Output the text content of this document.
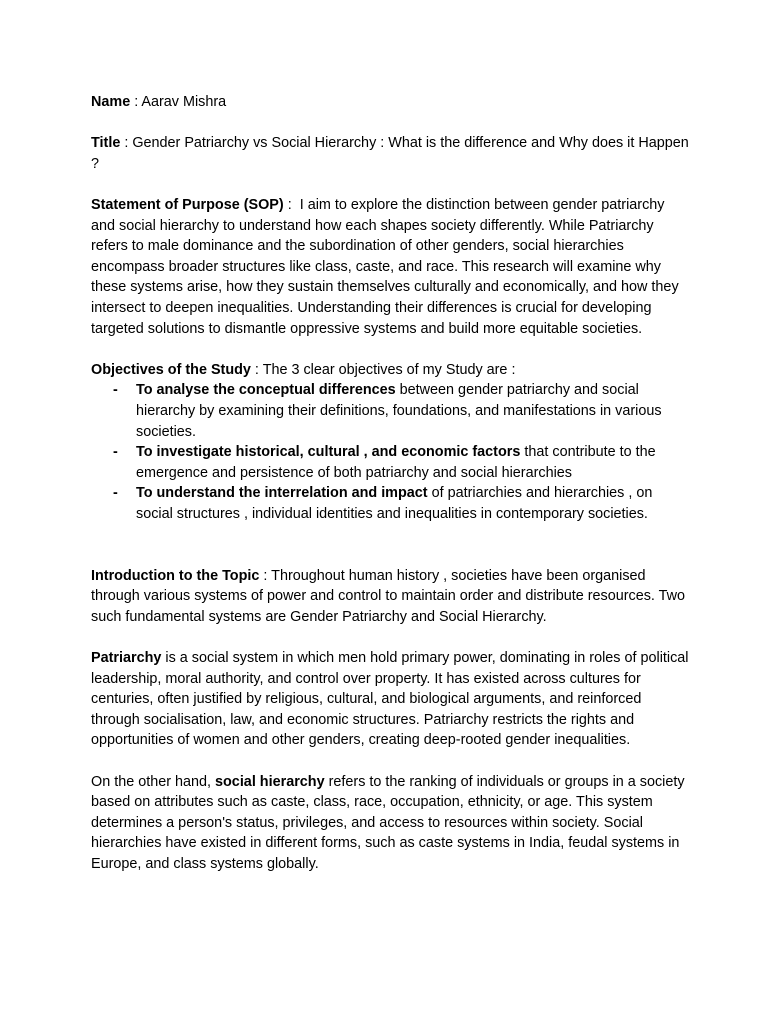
Name : Aarav Mishra

Title : Gender Patriarchy vs Social Hierarchy : What is the difference and Why does it Happen ?

Statement of Purpose (SOP) :  I aim to explore the distinction between gender patriarchy and social hierarchy to understand how each shapes society differently. While Patriarchy refers to male dominance and the subordination of other genders, social hierarchies encompass broader structures like class, caste, and race. This research will examine why these systems arise, how they sustain themselves culturally and economically, and how they intersect to deepen inequalities. Understanding their differences is crucial for developing targeted solutions to dismantle oppressive systems and build more equitable societies.

Objectives of the Study : The 3 clear objectives of my Study are :

- To analyse the conceptual differences between gender patriarchy and social hierarchy by examining their definitions, foundations, and manifestations in various societies.
- To investigate historical, cultural , and economic factors that contribute to the emergence and persistence of both patriarchy and social hierarchies
- To understand the interrelation and impact of patriarchies and hierarchies , on social structures , individual identities and inequalities in contemporary societies.

Introduction to the Topic : Throughout human history , societies have been organised through various systems of power and control to maintain order and distribute resources. Two such fundamental systems are Gender Patriarchy and Social Hierarchy.

Patriarchy is a social system in which men hold primary power, dominating in roles of political leadership, moral authority, and control over property. It has existed across cultures for centuries, often justified by religious, cultural, and biological arguments, and reinforced through socialisation, law, and economic structures. Patriarchy restricts the rights and opportunities of women and other genders, creating deep-rooted gender inequalities.

On the other hand, social hierarchy refers to the ranking of individuals or groups in a society based on attributes such as caste, class, race, occupation, ethnicity, or age. This system determines a person's status, privileges, and access to resources within society. Social hierarchies have existed in different forms, such as caste systems in India, feudal systems in Europe, and class systems globally.
